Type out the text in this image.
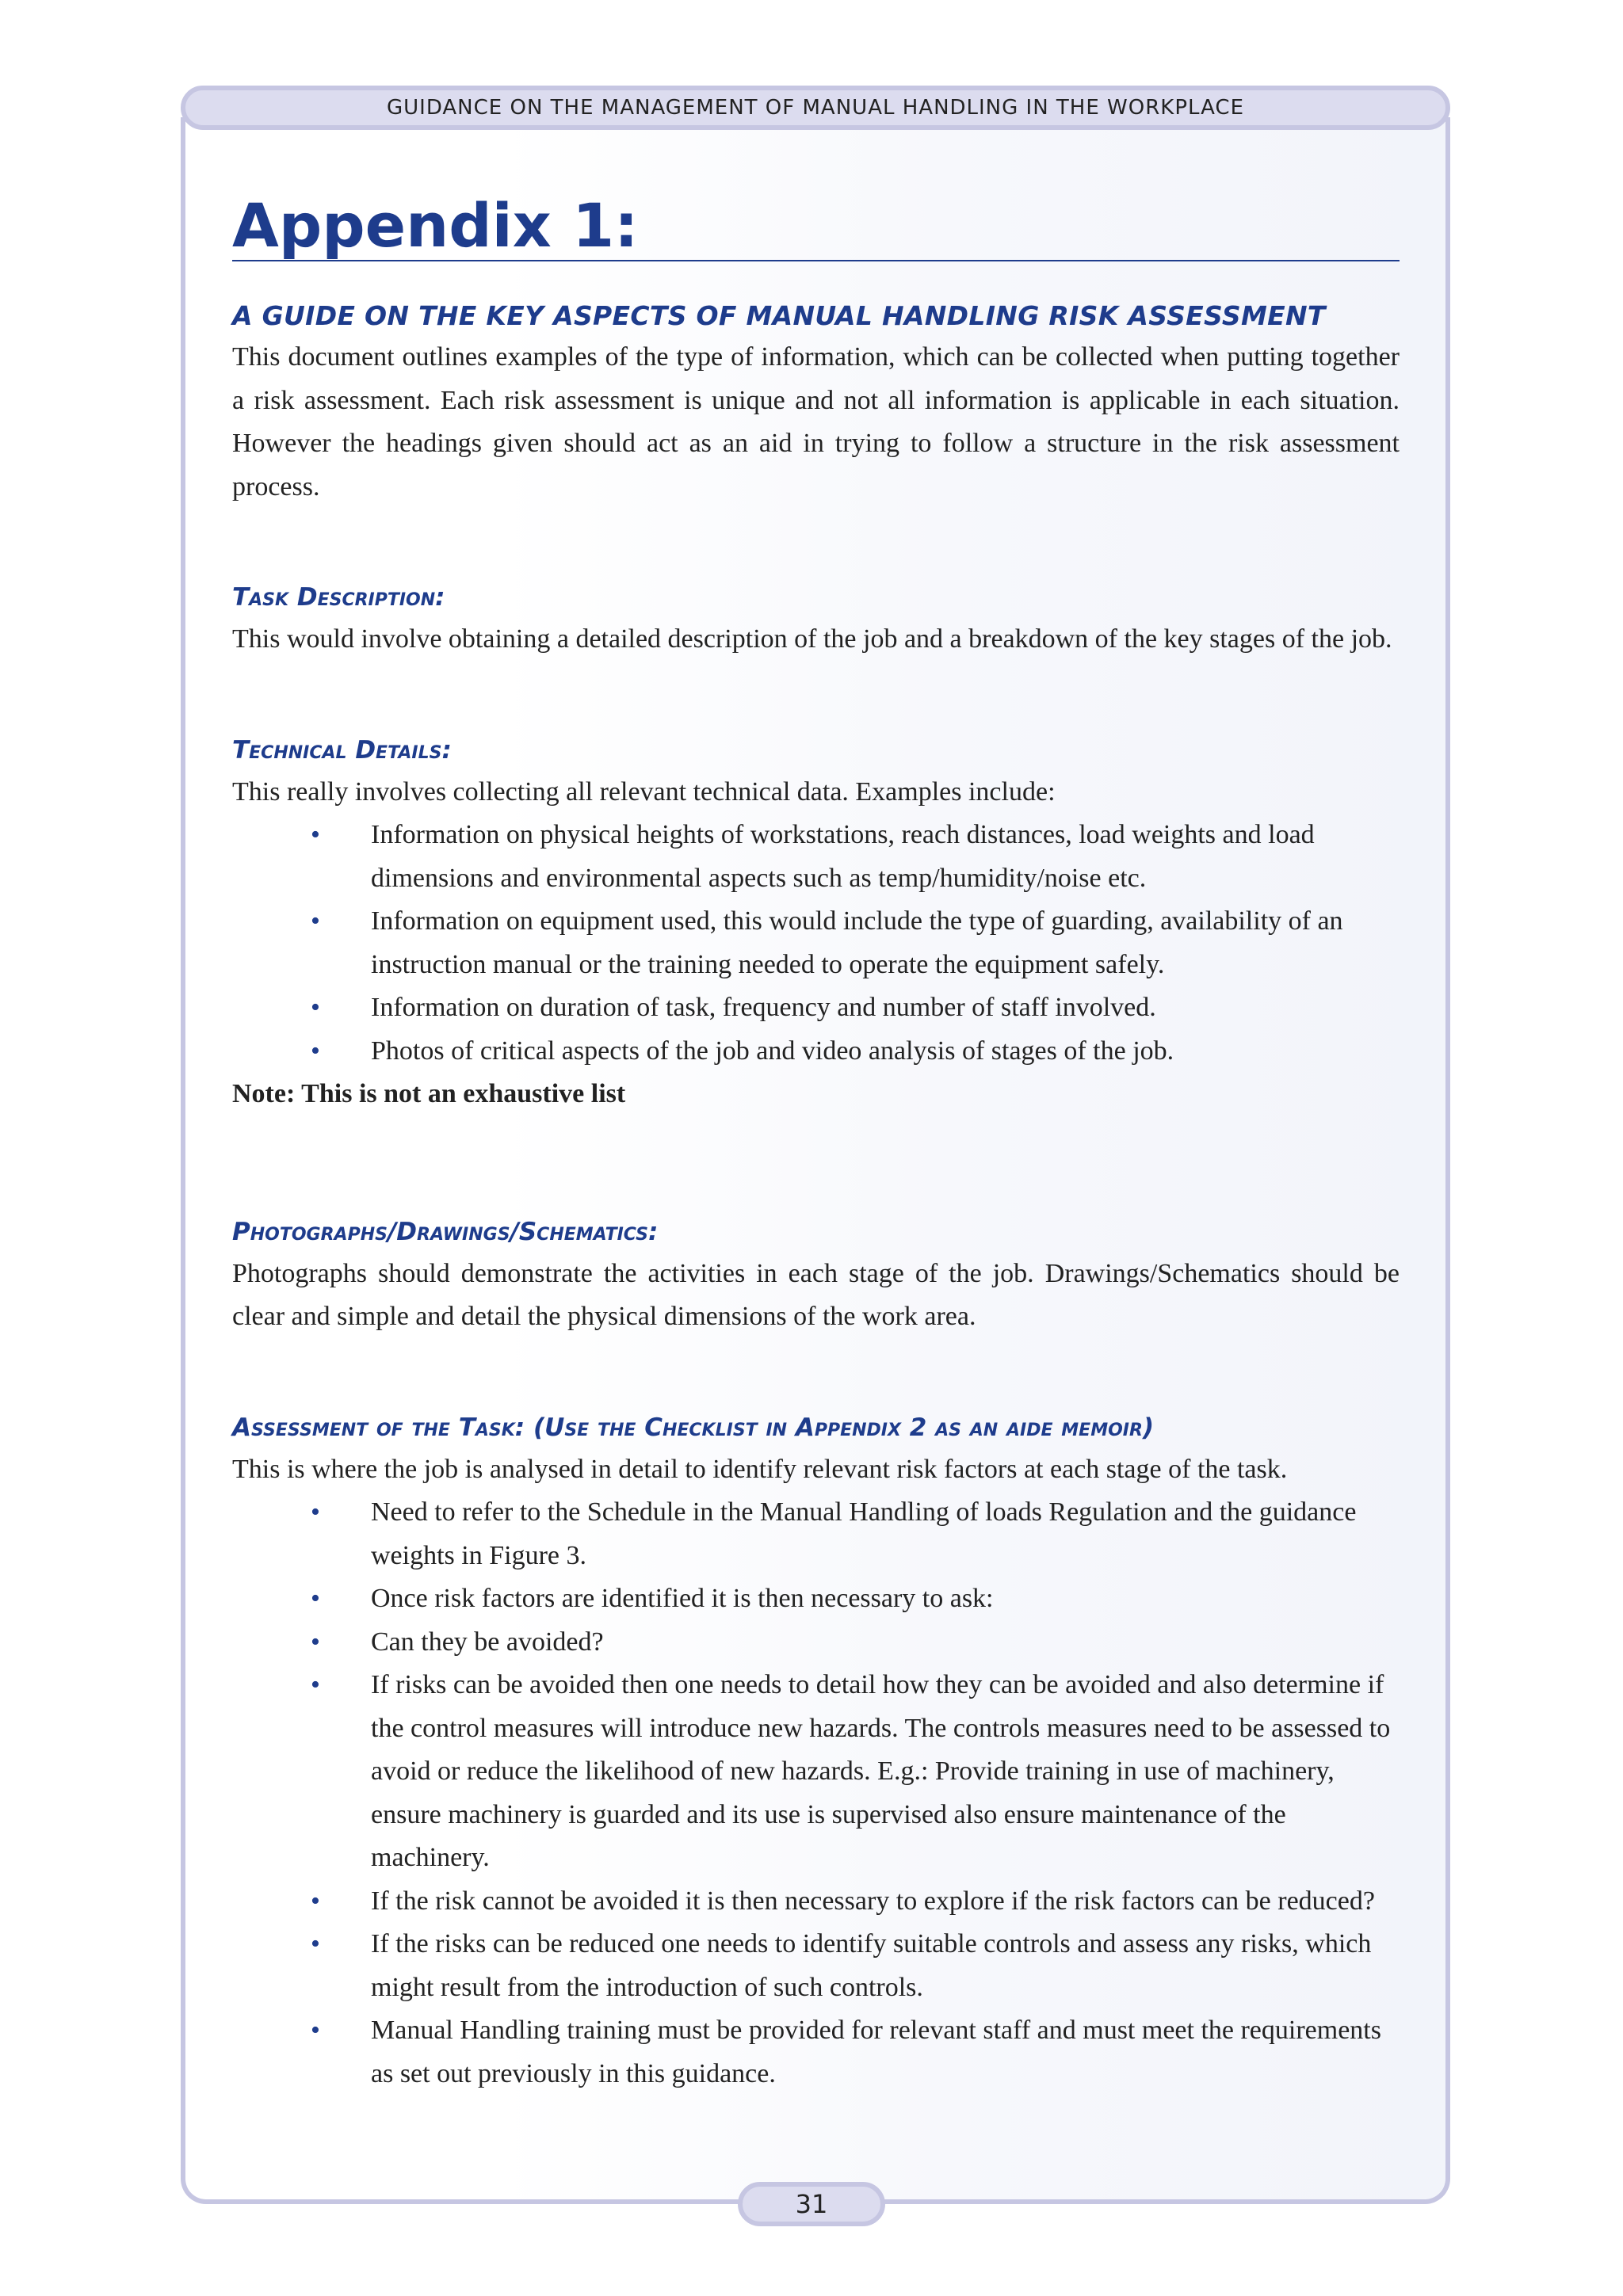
GUIDANCE ON THE MANAGEMENT OF MANUAL HANDLING IN THE WORKPLACE
Appendix 1:
A GUIDE ON THE KEY ASPECTS OF MANUAL HANDLING RISK ASSESSMENT

This document outlines examples of the type of information, which can be collected when putting together a risk assessment. Each risk assessment is unique and not all information is applicable in each situation. However the headings given should act as an aid in trying to follow a structure in the risk assessment process.

Task Description:

This would involve obtaining a detailed description of the job and a breakdown of the key stages of the job.

Technical Details:

This really involves collecting all relevant technical data. Examples include:

• Information on physical heights of workstations, reach distances, load weights and load dimensions and environmental aspects such as temp/humidity/noise etc.
• Information on equipment used, this would include the type of guarding, availability of an instruction manual or the training needed to operate the equipment safely.
• Information on duration of task, frequency and number of staff involved.
• Photos of critical aspects of the job and video analysis of stages of the job.

Note: This is not an exhaustive list

Photographs/Drawings/Schematics:

Photographs should demonstrate the activities in each stage of the job. Drawings/Schematics should be clear and simple and detail the physical dimensions of the work area.

Assessment of the Task: (Use the Checklist in Appendix 2 as an aide memoir)

This is where the job is analysed in detail to identify relevant risk factors at each stage of the task.

• Need to refer to the Schedule in the Manual Handling of loads Regulation and the guidance weights in Figure 3.
• Once risk factors are identified it is then necessary to ask:
• Can they be avoided?
• If risks can be avoided then one needs to detail how they can be avoided and also determine if the control measures will introduce new hazards. The controls measures need to be assessed to avoid or reduce the likelihood of new hazards. E.g.: Provide training in use of machinery, ensure machinery is guarded and its use is supervised also ensure maintenance of the machinery.
• If the risk cannot be avoided it is then necessary to explore if the risk factors can be reduced?
• If the risks can be reduced one needs to identify suitable controls and assess any risks, which might result from the introduction of such controls.
• Manual Handling training must be provided for relevant staff and must meet the requirements as set out previously in this guidance.
31
